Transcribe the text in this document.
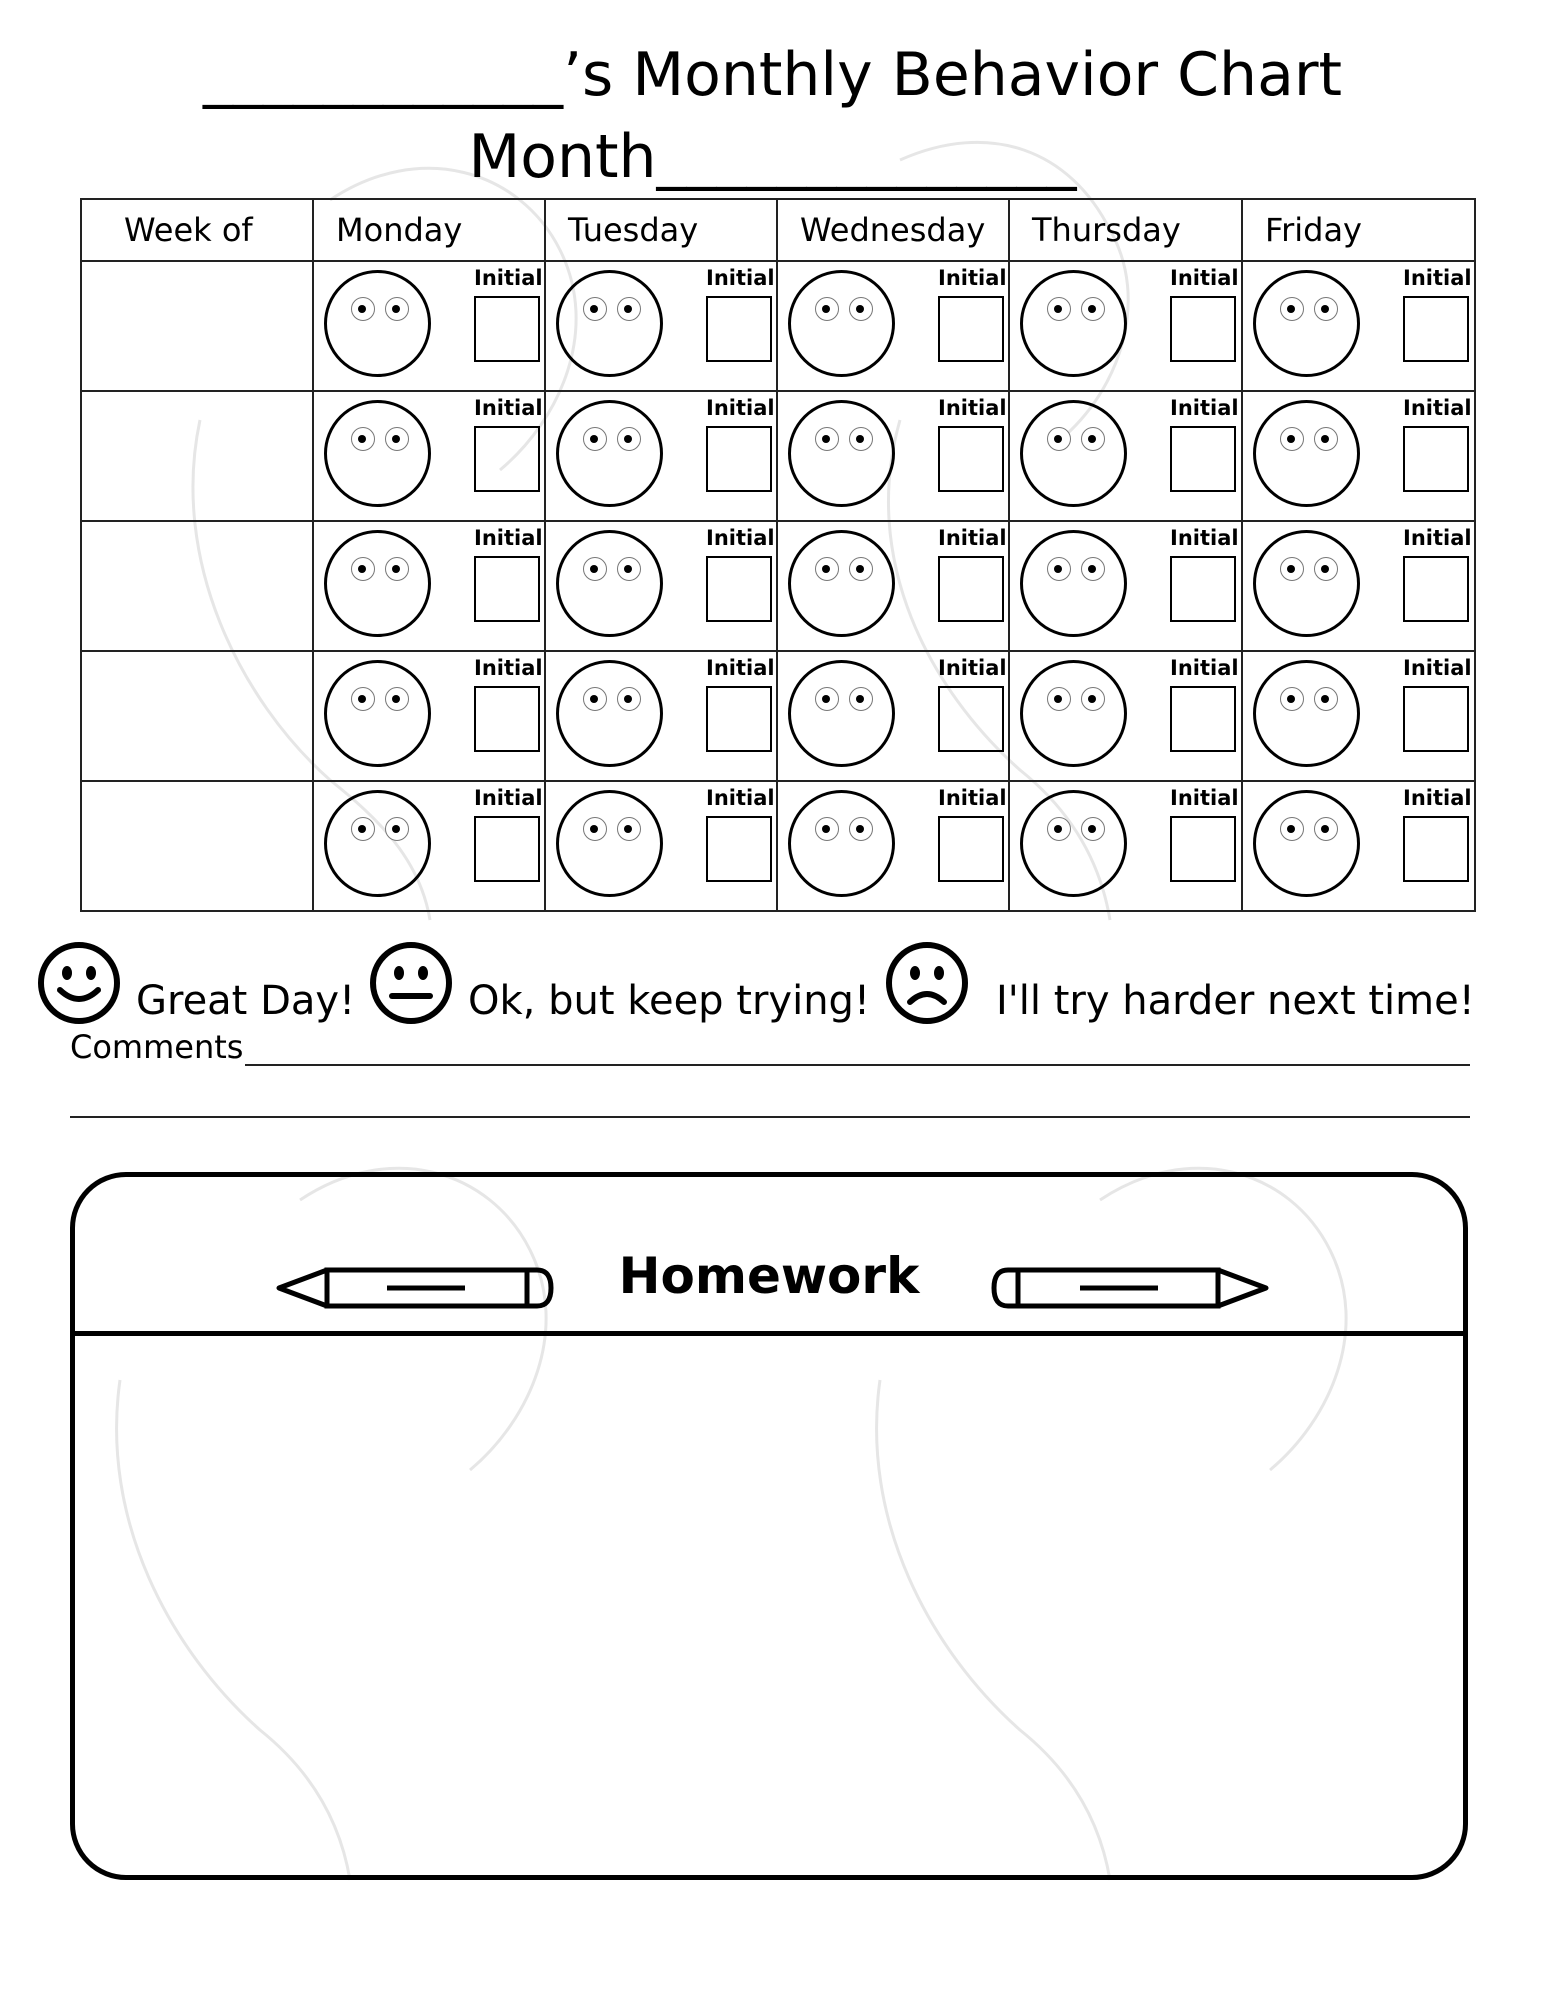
____________’s Monthly Behavior Chart
Month______________
Week of	Monday	Tuesday	Wednesday	Thursday	Friday

	Initial	Initial	Initial	Initial	Initial

	Initial	Initial	Initial	Initial	Initial

	Initial	Initial	Initial	Initial	Initial

	Initial	Initial	Initial	Initial	Initial

	Initial	Initial	Initial	Initial	Initial
Great Day!	Ok, but keep trying!	I'll try harder next time!
Comments
Homework
